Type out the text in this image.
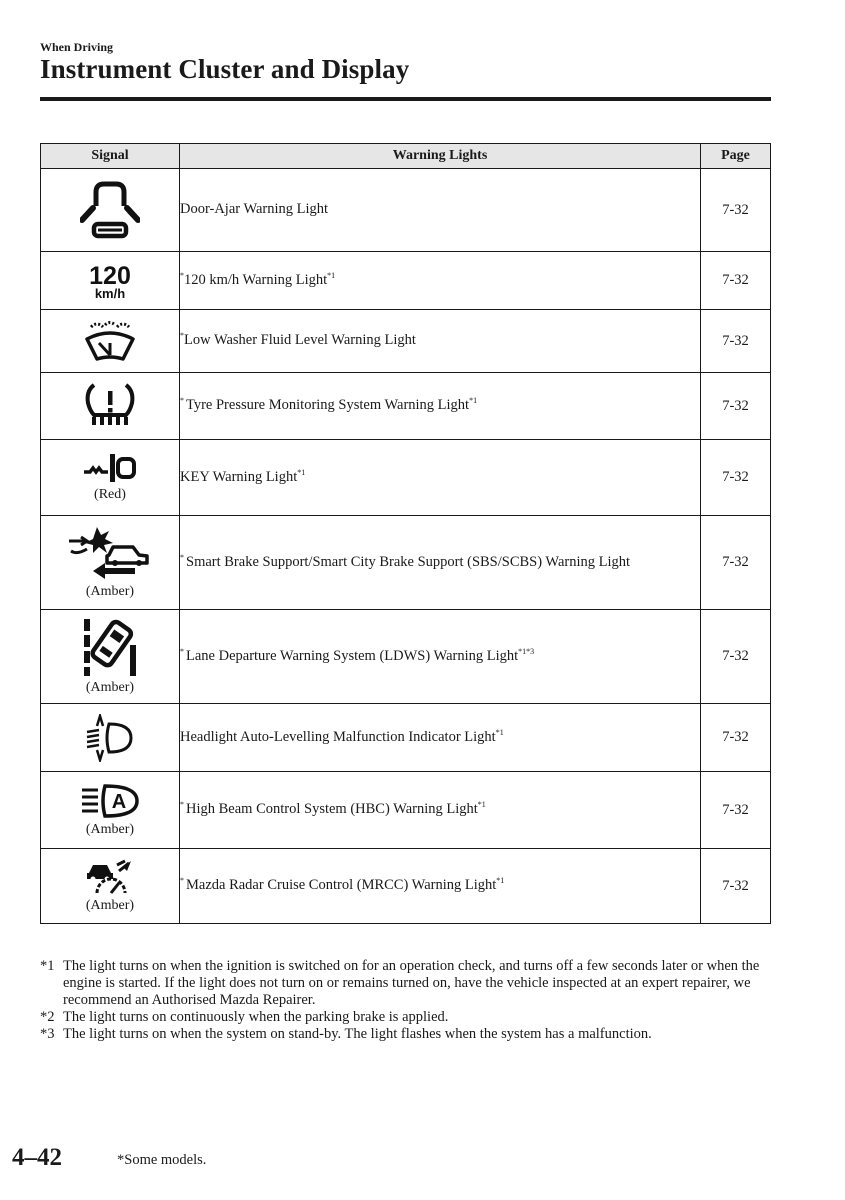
When Driving
Instrument Cluster and Display
Signal	Warning Lights	Page

	Door-Ajar Warning Light	7-32

120
km/h	*120 km/h Warning Light$^{*1}$	7-32

	*Low Washer Fluid Level Warning Light	7-32

	* Tyre Pressure Monitoring System Warning Light$^{*1}$	7-32

(Red)	KEY Warning Light$^{*1}$	7-32

(Amber)	* Smart Brake Support/Smart City Brake Support (SBS/SCBS) Warning Light	7-32

(Amber)	* Lane Departure Warning System (LDWS) Warning Light$^{*1*3}$	7-32

	Headlight Auto-Levelling Malfunction Indicator Light$^{*1}$	7-32

A
(Amber)	* High Beam Control System (HBC) Warning Light$^{*1}$	7-32

(Amber)	* Mazda Radar Cruise Control (MRCC) Warning Light$^{*1}$	7-32
*1 The light turns on when the ignition is switched on for an operation check, and turns off a few seconds later or when the engine is started. If the light does not turn on or remains turned on, have the vehicle inspected at an expert repairer, we recommend an Authorised Mazda Repairer.
*2 The light turns on continuously when the parking brake is applied.
*3 The light turns on when the system on stand-by. The light flashes when the system has a malfunction.
4–42	*Some models.
